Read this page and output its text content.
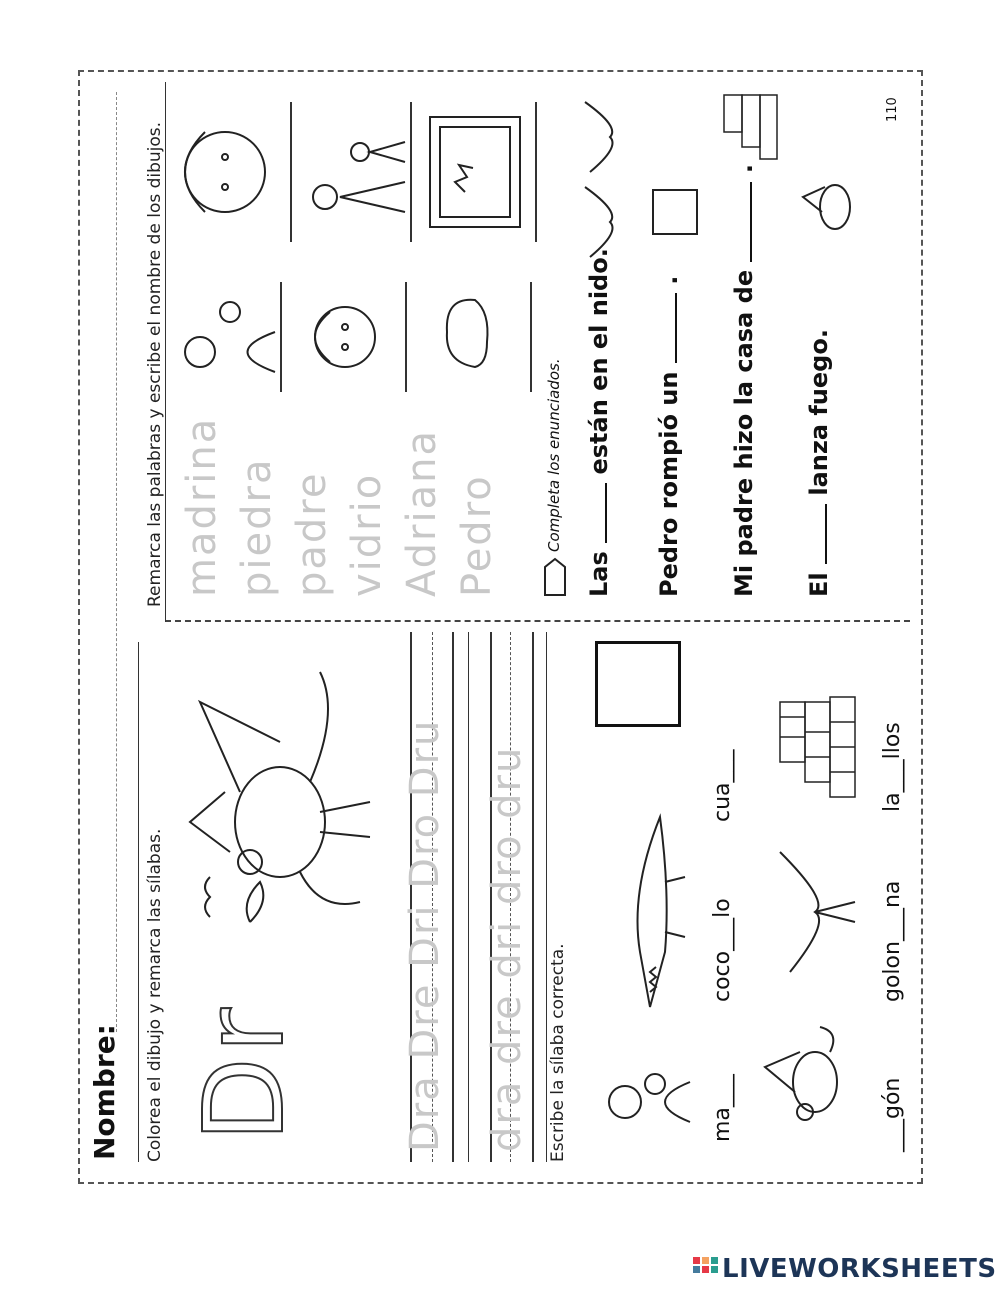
Nombre: Colorea el dibujo y remarca las sílabas. Dr Dra Dre Dri Dro Dru dra dre dri dro dru Escribe la sílaba correcta.	ma___
coco___lo
cua___
___gón
golon___na
la___llos
Remarca las palabras y escribe el nombre de los dibujos. madrina piedra padre vidrio Adriana Pedro	Completa los enunciados.
Las  están en el nido.
Pedro rompió un  . Mi padre hizo la casa de  .
El  lanza fuego.
110
LIVEWORKSHEETS
